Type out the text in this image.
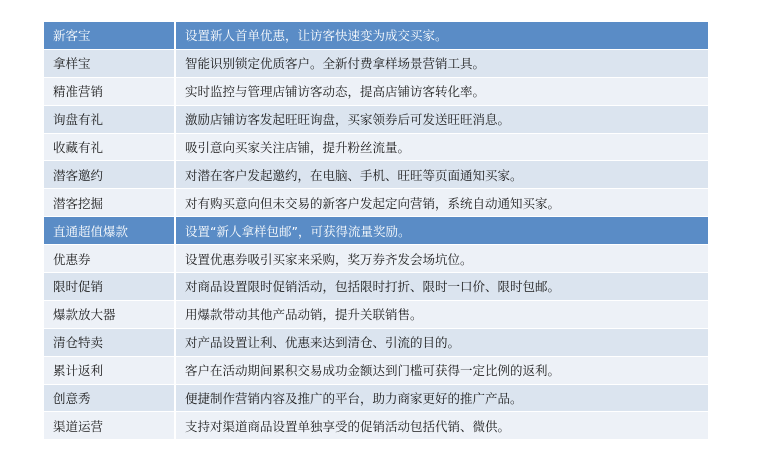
新客宝	设置新人首单优惠，让访客快速变为成交买家。
拿样宝	智能识别锁定优质客户。全新付费拿样场景营销工具。
精准营销	实时监控与管理店铺访客动态，提高店铺访客转化率。
询盘有礼	激励店铺访客发起旺旺询盘，买家领券后可发送旺旺消息。
收藏有礼	吸引意向买家关注店铺，提升粉丝流量。
潜客邀约	对潜在客户发起邀约，在电脑、手机、旺旺等页面通知买家。
潜客挖掘	对有购买意向但未交易的新客户发起定向营销，系统自动通知买家。
直通超值爆款	设置“新人拿样包邮”，可获得流量奖励。
优惠券	设置优惠券吸引买家来采购，奖万券齐发会场坑位。
限时促销	对商品设置限时促销活动，包括限时打折、限时一口价、限时包邮。
爆款放大器	用爆款带动其他产品动销，提升关联销售。
清仓特卖	对产品设置让利、优惠来达到清仓、引流的目的。
累计返利	客户在活动期间累积交易成功金额达到门槛可获得一定比例的返利。
创意秀	便捷制作营销内容及推广的平台，助力商家更好的推广产品。
渠道运营	支持对渠道商品设置单独享受的促销活动包括代销、微供。
